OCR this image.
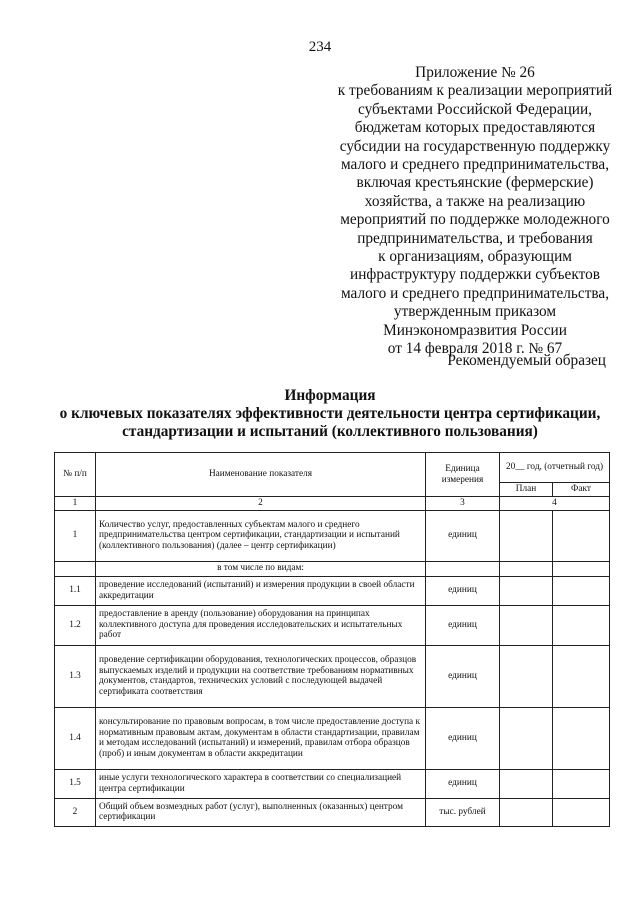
234
Приложение № 26
к требованиям к реализации мероприятий
субъектами Российской Федерации,
бюджетам которых предоставляются
субсидии на государственную поддержку
малого и среднего предпринимательства,
включая крестьянские (фермерские)
хозяйства, а также на реализацию
мероприятий по поддержке молодежного
предпринимательства, и требования
к организациям, образующим
инфраструктуру поддержки субъектов
малого и среднего предпринимательства,
утвержденным приказом
Минэкономразвития России
от 14 февраля 2018 г. № 67
Рекомендуемый образец
Информация
о ключевых показателях эффективности деятельности центра сертификации,
стандартизации и испытаний (коллективного пользования)
№ п/п	Наименование показателя	Единица измерения	20__ год, (отчетный год)	
			План	Факт
1	2	3	4	
1	Количество услуг, предоставленных субъектам малого и среднего предпринимательства центром сертификации, стандартизации и испытаний (коллективного пользования) (далее – центр сертификации)	единиц		
	в том числе по видам:			
1.1	проведение исследований (испытаний) и измерения продукции в своей области аккредитации	единиц		
1.2	предоставление в аренду (пользование) оборудования на принципах коллективного доступа для проведения исследовательских и испытательных работ	единиц		
1.3	проведение сертификации оборудования, технологических процессов, образцов выпускаемых изделий и продукции на соответствие требованиям нормативных документов, стандартов, технических условий с последующей выдачей сертификата соответствия	единиц		
1.4	консультирование по правовым вопросам, в том числе предоставление доступа к нормативным правовым актам, документам в области стандартизации, правилам и методам исследований (испытаний) и измерений, правилам отбора образцов (проб) и иным документам в области аккредитации	единиц		
1.5	иные услуги технологического характера в соответствии со специализацией центра сертификации	единиц		
2	Общий объем возмездных работ (услуг), выполненных (оказанных) центром сертификации	тыс. рублей		
